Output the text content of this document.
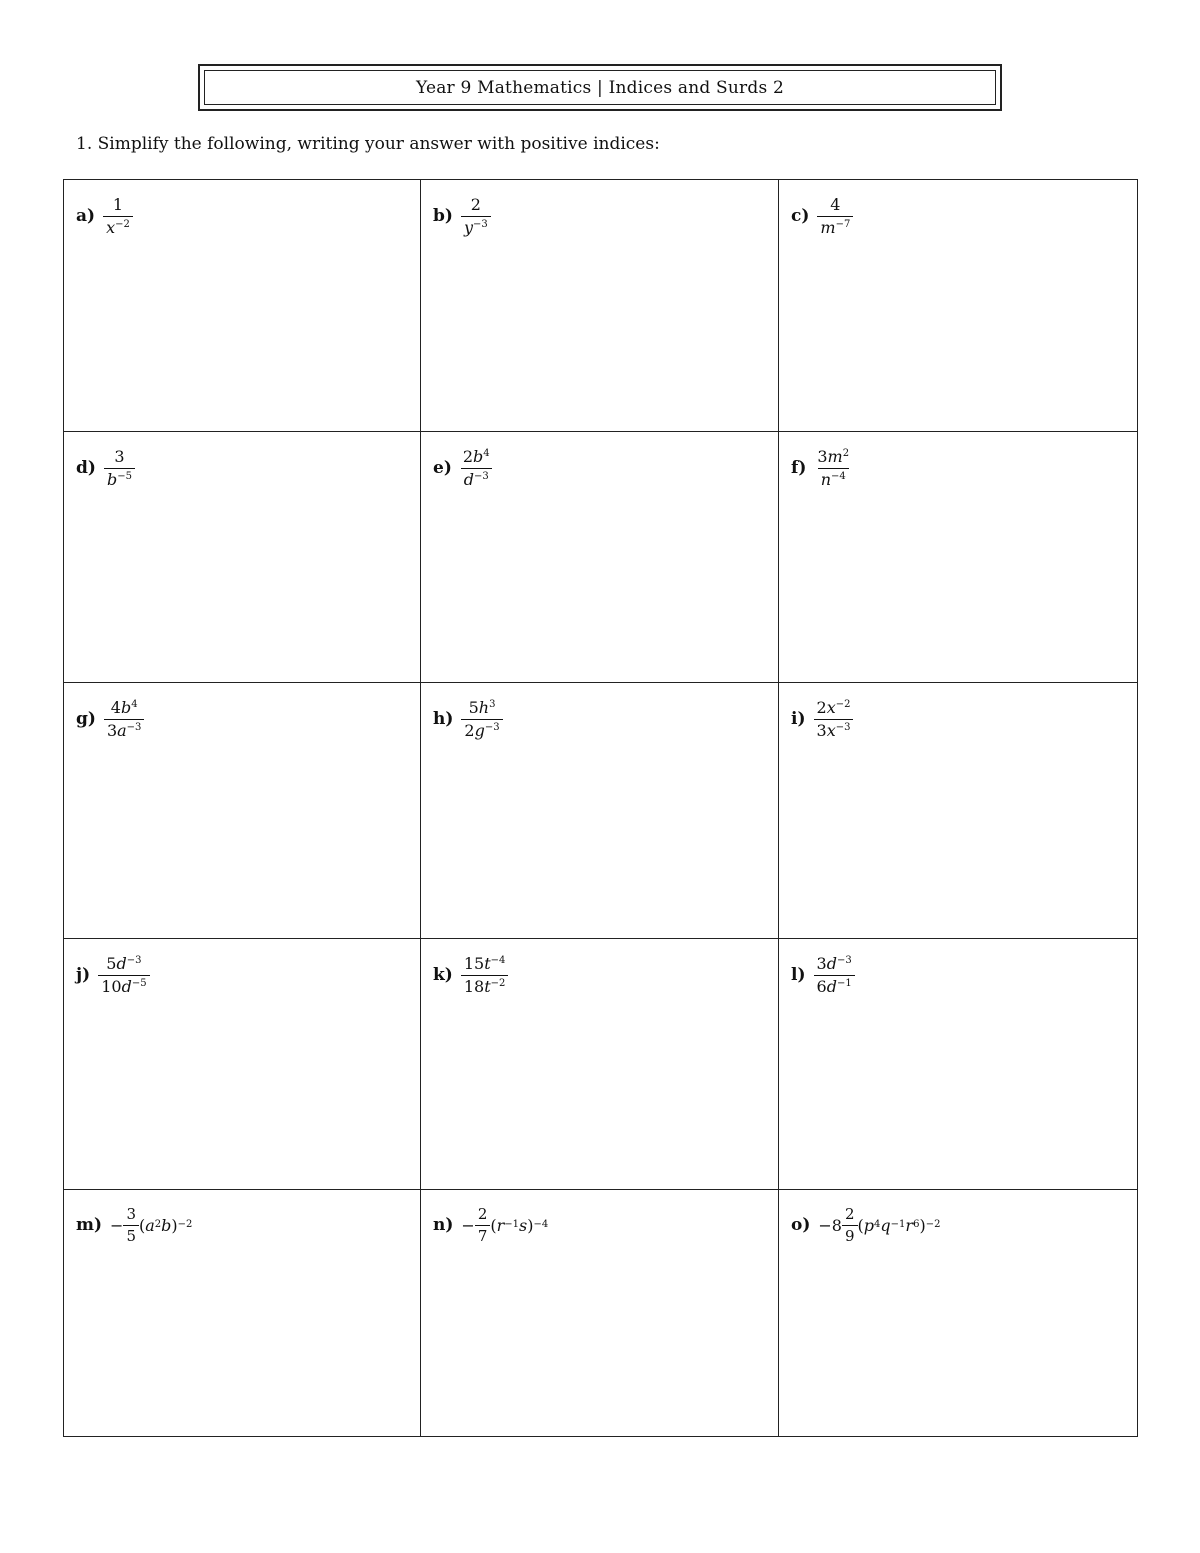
Year 9 Mathematics | Indices and Surds 2
1. Simplify the following, writing your answer with positive indices:
$a) \frac{1}{x^{-2}}$	$b) \frac{2}{y^{-3}}$	$c) \frac{4}{m^{-7}}$
$d) \frac{3}{b^{-5}}$	$e) \frac{2b^4}{d^{-3}}$	$f) \frac{3m^2}{n^{-4}}$
$g) \frac{4b^4}{3a^{-3}}$	$h) \frac{5h^3}{2g^{-3}}$	$i) \frac{2x^{-2}}{3x^{-3}}$
$j) \frac{5d^{-3}}{10d^{-5}}$	$k) \frac{15t^{-4}}{18t^{-2}}$	$l) \frac{3d^{-3}}{6d^{-1}}$
$m) - \frac{3}{5}$ ( a 2 b ) −2	$n) - \frac{2}{7}$ ( r −1 s ) −4	$o) -8 \frac{2}{9}$ ( p 4 q −1 r 6 ) −2
